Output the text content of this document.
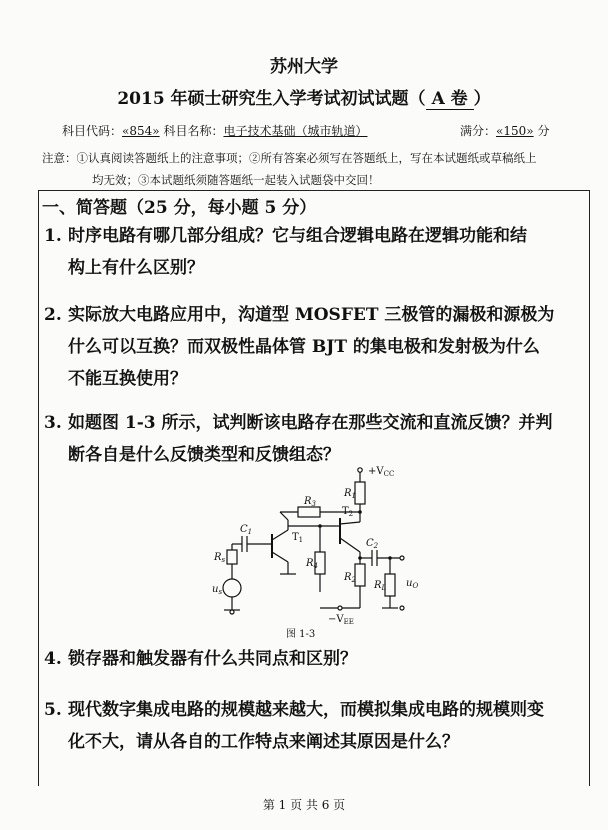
苏州大学
2015 年硕士研究生入学考试初试试题（ A 卷 ）
科目代码：«854» 科目名称：电子技术基础（城市轨道）	满分：«150» 分
注意：①认真阅读答题纸上的注意事项；②所有答案必须写在答题纸上，写在本试题纸或草稿纸上
均无效；③本试题纸须随答题纸一起装入试题袋中交回！
一、简答题（25 分，每小题 5 分）
1. 时序电路有哪几部分组成？它与组合逻辑电路在逻辑功能和结
构上有什么区别？
2. 实际放大电路应用中，沟道型 MOSFET 三极管的漏极和源极为
什么可以互换？而双极性晶体管 BJT 的集电极和发射极为什么
不能互换使用？
3. 如题图 1-3 所示，试判断该电路存在那些交流和直流反馈？并判
断各自是什么反馈类型和反馈组态？
$+V_{CC}$
$R_1$
$R_3$
$C_1$	$T_1$
$T_2$
$R_s$
$u_s$
$R_4$
$R_2$
$C_2$
$R_L$ $u_O$
$-V_{EE}$
图 1-3
4. 锁存器和触发器有什么共同点和区别？
5. 现代数字集成电路的规模越来越大，而模拟集成电路的规模则变
化不大，请从各自的工作特点来阐述其原因是什么？
第 1 页 共 6 页
